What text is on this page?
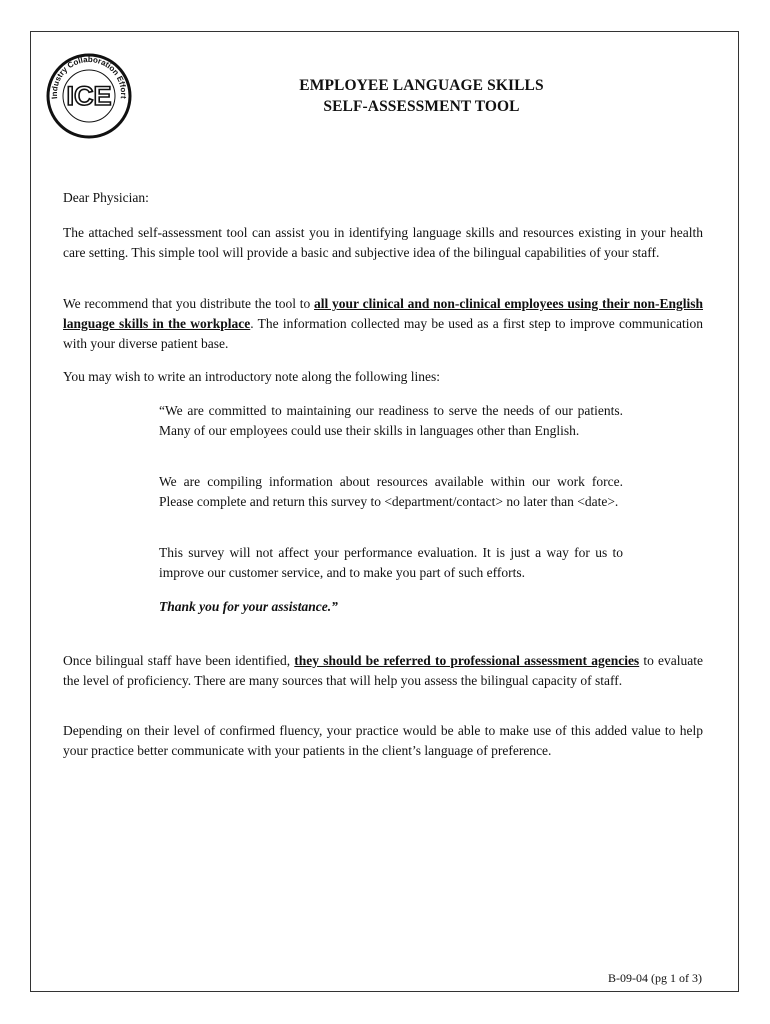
Industry Collaboration Effort
ICE	EMPLOYEE LANGUAGE SKILLS
SELF-ASSESSMENT TOOL

Dear Physician:

The attached self-assessment tool can assist you in identifying language skills and resources existing in your health care setting. This simple tool will provide a basic and subjective idea of the bilingual capabilities of your staff.

We recommend that you distribute the tool to all your clinical and non-clinical employees using their non-English language skills in the workplace. The information collected may be used as a first step to improve communication with your diverse patient base.

You may wish to write an introductory note along the following lines:

“We are committed to maintaining our readiness to serve the needs of our patients. Many of our employees could use their skills in languages other than English.

We are compiling information about resources available within our work force. Please complete and return this survey to <department/contact> no later than <date>.

This survey will not affect your performance evaluation. It is just a way for us to improve our customer service, and to make you part of such efforts.

Thank you for your assistance.”

Once bilingual staff have been identified, they should be referred to professional assessment agencies to evaluate the level of proficiency. There are many sources that will help you assess the bilingual capacity of staff.

Depending on their level of confirmed fluency, your practice would be able to make use of this added value to help your practice better communicate with your patients in the client’s language of preference.

B-09-04 (pg 1 of 3)
